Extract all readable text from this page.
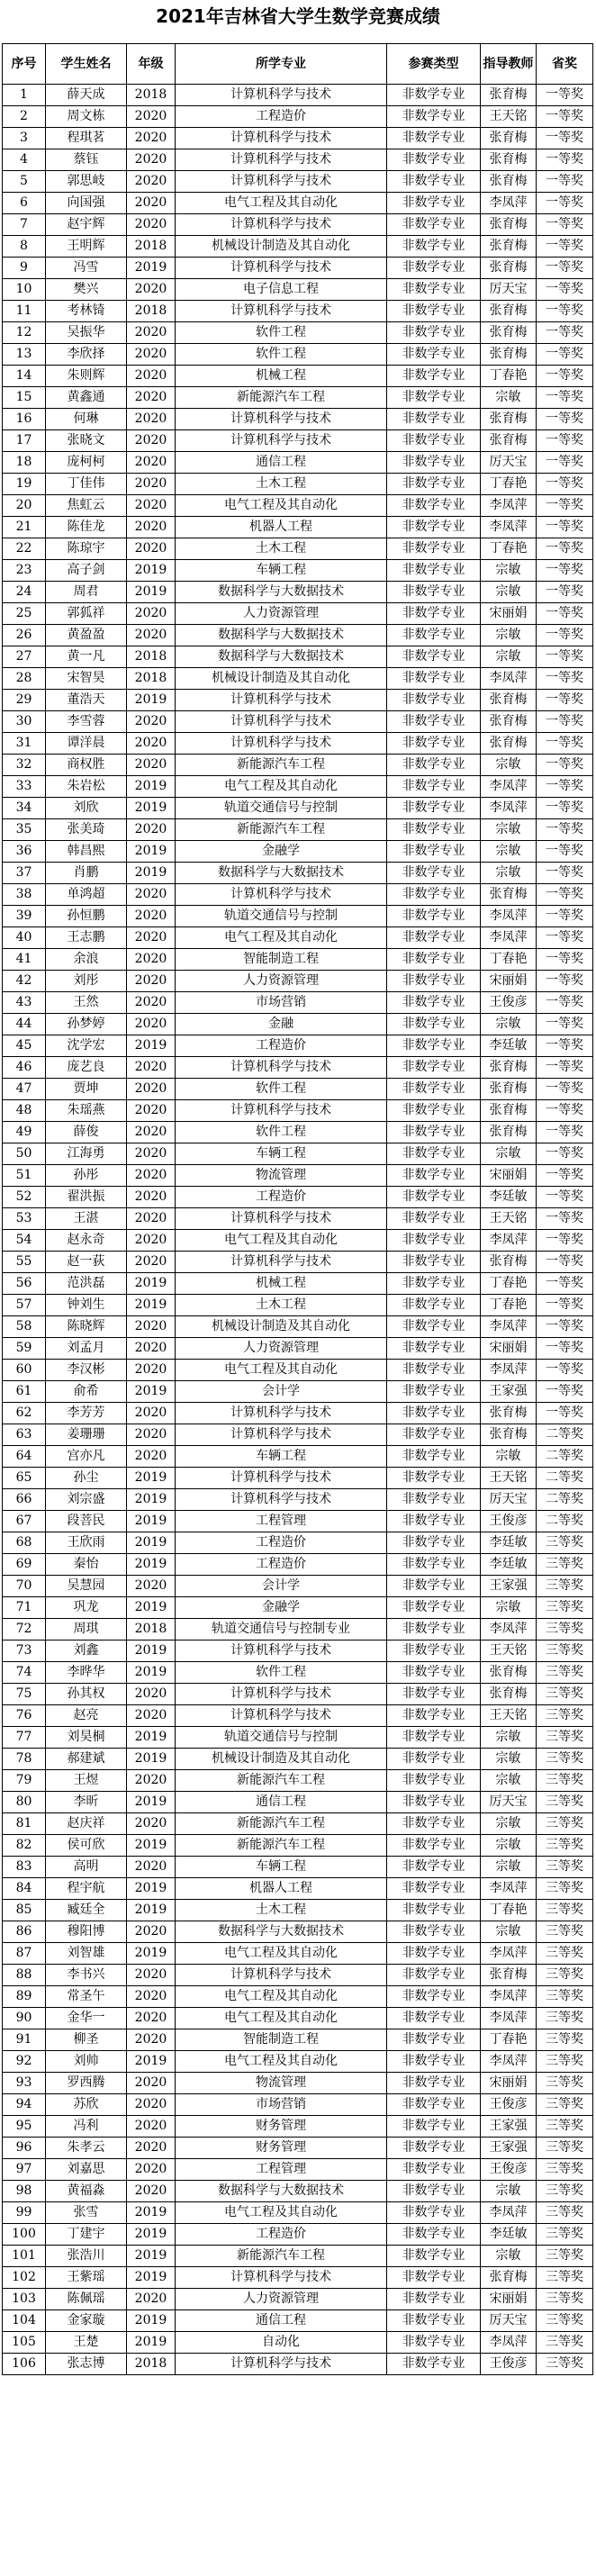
2021年吉林省大学生数学竞赛成绩
序号	学生姓名	年级	所学专业	参赛类型	指导教师	省奖
1	薛天成	2018	计算机科学与技术	非数学专业	张育梅	一等奖
2	周文栋	2020	工程造价	非数学专业	王天铭	一等奖
3	程琪茗	2020	计算机科学与技术	非数学专业	张育梅	一等奖
4	蔡钰	2020	计算机科学与技术	非数学专业	张育梅	一等奖
5	郭思岐	2020	计算机科学与技术	非数学专业	张育梅	一等奖
6	向国强	2020	电气工程及其自动化	非数学专业	李凤萍	一等奖
7	赵宇辉	2020	计算机科学与技术	非数学专业	张育梅	一等奖
8	王明辉	2018	机械设计制造及其自动化	非数学专业	张育梅	一等奖
9	冯雪	2019	计算机科学与技术	非数学专业	张育梅	一等奖
10	樊兴	2020	电子信息工程	非数学专业	厉天宝	一等奖
11	考林锜	2018	计算机科学与技术	非数学专业	张育梅	一等奖
12	吴振华	2020	软件工程	非数学专业	张育梅	一等奖
13	李欣择	2020	软件工程	非数学专业	张育梅	一等奖
14	朱则辉	2020	机械工程	非数学专业	丁春艳	一等奖
15	黄鑫通	2020	新能源汽车工程	非数学专业	宗敏	一等奖
16	何琳	2020	计算机科学与技术	非数学专业	张育梅	一等奖
17	张晓文	2020	计算机科学与技术	非数学专业	张育梅	一等奖
18	庞柯柯	2020	通信工程	非数学专业	厉天宝	一等奖
19	丁佳伟	2020	土木工程	非数学专业	丁春艳	一等奖
20	焦虹云	2020	电气工程及其自动化	非数学专业	李凤萍	一等奖
21	陈佳龙	2020	机器人工程	非数学专业	李凤萍	一等奖
22	陈琼宇	2020	土木工程	非数学专业	丁春艳	一等奖
23	高子剑	2019	车辆工程	非数学专业	宗敏	一等奖
24	周君	2019	数据科学与大数据技术	非数学专业	宗敏	一等奖
25	郭狐祥	2020	人力资源管理	非数学专业	宋丽娟	一等奖
26	黄盈盈	2020	数据科学与大数据技术	非数学专业	宗敏	一等奖
27	黄一凡	2018	数据科学与大数据技术	非数学专业	宗敏	一等奖
28	宋智昊	2018	机械设计制造及其自动化	非数学专业	李凤萍	一等奖
29	董浩天	2019	计算机科学与技术	非数学专业	张育梅	一等奖
30	李雪蓉	2020	计算机科学与技术	非数学专业	张育梅	一等奖
31	谭洋晨	2020	计算机科学与技术	非数学专业	张育梅	一等奖
32	商权胜	2020	新能源汽车工程	非数学专业	宗敏	一等奖
33	朱岩松	2019	电气工程及其自动化	非数学专业	李凤萍	一等奖
34	刘欣	2019	轨道交通信号与控制	非数学专业	李凤萍	一等奖
35	张美琦	2020	新能源汽车工程	非数学专业	宗敏	一等奖
36	韩昌熙	2019	金融学	非数学专业	宗敏	一等奖
37	肖鹏	2019	数据科学与大数据技术	非数学专业	宗敏	一等奖
38	单鸿超	2020	计算机科学与技术	非数学专业	张育梅	一等奖
39	孙恒鹏	2020	轨道交通信号与控制	非数学专业	李凤萍	一等奖
40	王志鹏	2020	电气工程及其自动化	非数学专业	李凤萍	一等奖
41	余浪	2020	智能制造工程	非数学专业	丁春艳	一等奖
42	刘彤	2020	人力资源管理	非数学专业	宋丽娟	一等奖
43	王然	2020	市场营销	非数学专业	王俊彦	一等奖
44	孙梦婷	2020	金融	非数学专业	宗敏	一等奖
45	沈学宏	2019	工程造价	非数学专业	李廷敏	一等奖
46	庞艺良	2020	计算机科学与技术	非数学专业	张育梅	一等奖
47	贾坤	2020	软件工程	非数学专业	张育梅	一等奖
48	朱瑶燕	2020	计算机科学与技术	非数学专业	张育梅	一等奖
49	薛俊	2020	软件工程	非数学专业	张育梅	一等奖
50	江海勇	2020	车辆工程	非数学专业	宗敏	一等奖
51	孙彤	2020	物流管理	非数学专业	宋丽娟	一等奖
52	翟洪振	2020	工程造价	非数学专业	李廷敏	一等奖
53	王湛	2020	计算机科学与技术	非数学专业	王天铭	一等奖
54	赵永奇	2020	电气工程及其自动化	非数学专业	李凤萍	一等奖
55	赵一荻	2020	计算机科学与技术	非数学专业	张育梅	一等奖
56	范洪磊	2019	机械工程	非数学专业	丁春艳	一等奖
57	钟刘生	2019	土木工程	非数学专业	丁春艳	一等奖
58	陈晓辉	2020	机械设计制造及其自动化	非数学专业	李凤萍	一等奖
59	刘孟月	2020	人力资源管理	非数学专业	宋丽娟	一等奖
60	李汉彬	2020	电气工程及其自动化	非数学专业	李凤萍	一等奖
61	俞希	2019	会计学	非数学专业	王家强	一等奖
62	李芳芳	2020	计算机科学与技术	非数学专业	张育梅	一等奖
63	姜珊珊	2020	计算机科学与技术	非数学专业	张育梅	二等奖
64	宫亦凡	2020	车辆工程	非数学专业	宗敏	二等奖
65	孙尘	2019	计算机科学与技术	非数学专业	王天铭	二等奖
66	刘宗盛	2019	计算机科学与技术	非数学专业	厉天宝	二等奖
67	段菩民	2019	工程管理	非数学专业	王俊彦	二等奖
68	王欣雨	2019	工程造价	非数学专业	李廷敏	三等奖
69	秦怡	2019	工程造价	非数学专业	李廷敏	三等奖
70	吴慧园	2020	会计学	非数学专业	王家强	三等奖
71	巩龙	2019	金融学	非数学专业	宗敏	三等奖
72	周琪	2018	轨道交通信号与控制专业	非数学专业	李凤萍	三等奖
73	刘鑫	2019	计算机科学与技术	非数学专业	王天铭	三等奖
74	李晔华	2019	软件工程	非数学专业	张育梅	三等奖
75	孙其权	2020	计算机科学与技术	非数学专业	张育梅	三等奖
76	赵亮	2020	计算机科学与技术	非数学专业	王天铭	三等奖
77	刘昊桐	2019	轨道交通信号与控制	非数学专业	宗敏	三等奖
78	郝建斌	2019	机械设计制造及其自动化	非数学专业	宗敏	三等奖
79	王煜	2020	新能源汽车工程	非数学专业	宗敏	三等奖
80	李昕	2019	通信工程	非数学专业	厉天宝	三等奖
81	赵庆祥	2020	新能源汽车工程	非数学专业	宗敏	三等奖
82	侯可欣	2019	新能源汽车工程	非数学专业	宗敏	三等奖
83	高明	2020	车辆工程	非数学专业	宗敏	三等奖
84	程宇航	2019	机器人工程	非数学专业	李凤萍	三等奖
85	臧廷全	2019	土木工程	非数学专业	丁春艳	三等奖
86	穆阳博	2020	数据科学与大数据技术	非数学专业	宗敏	三等奖
87	刘智雄	2019	电气工程及其自动化	非数学专业	李凤萍	三等奖
88	李书兴	2020	计算机科学与技术	非数学专业	张育梅	三等奖
89	常圣午	2020	电气工程及其自动化	非数学专业	李凤萍	三等奖
90	金华一	2020	电气工程及其自动化	非数学专业	李凤萍	三等奖
91	柳圣	2020	智能制造工程	非数学专业	丁春艳	三等奖
92	刘帅	2019	电气工程及其自动化	非数学专业	李凤萍	三等奖
93	罗西腾	2020	物流管理	非数学专业	宋丽娟	三等奖
94	苏欣	2020	市场营销	非数学专业	王俊彦	三等奖
95	冯利	2020	财务管理	非数学专业	王家强	三等奖
96	朱孝云	2020	财务管理	非数学专业	王家强	三等奖
97	刘嘉思	2020	工程管理	非数学专业	王俊彦	三等奖
98	黄福淼	2020	数据科学与大数据技术	非数学专业	宗敏	三等奖
99	张雪	2019	电气工程及其自动化	非数学专业	李凤萍	三等奖
100	丁建宇	2019	工程造价	非数学专业	李廷敏	三等奖
101	张浩川	2019	新能源汽车工程	非数学专业	宗敏	三等奖
102	王紫瑶	2019	计算机科学与技术	非数学专业	张育梅	三等奖
103	陈佩瑶	2020	人力资源管理	非数学专业	宋丽娟	三等奖
104	金家璇	2019	通信工程	非数学专业	厉天宝	三等奖
105	王楚	2019	自动化	非数学专业	李凤萍	三等奖
106	张志博	2018	计算机科学与技术	非数学专业	王俊彦	三等奖
